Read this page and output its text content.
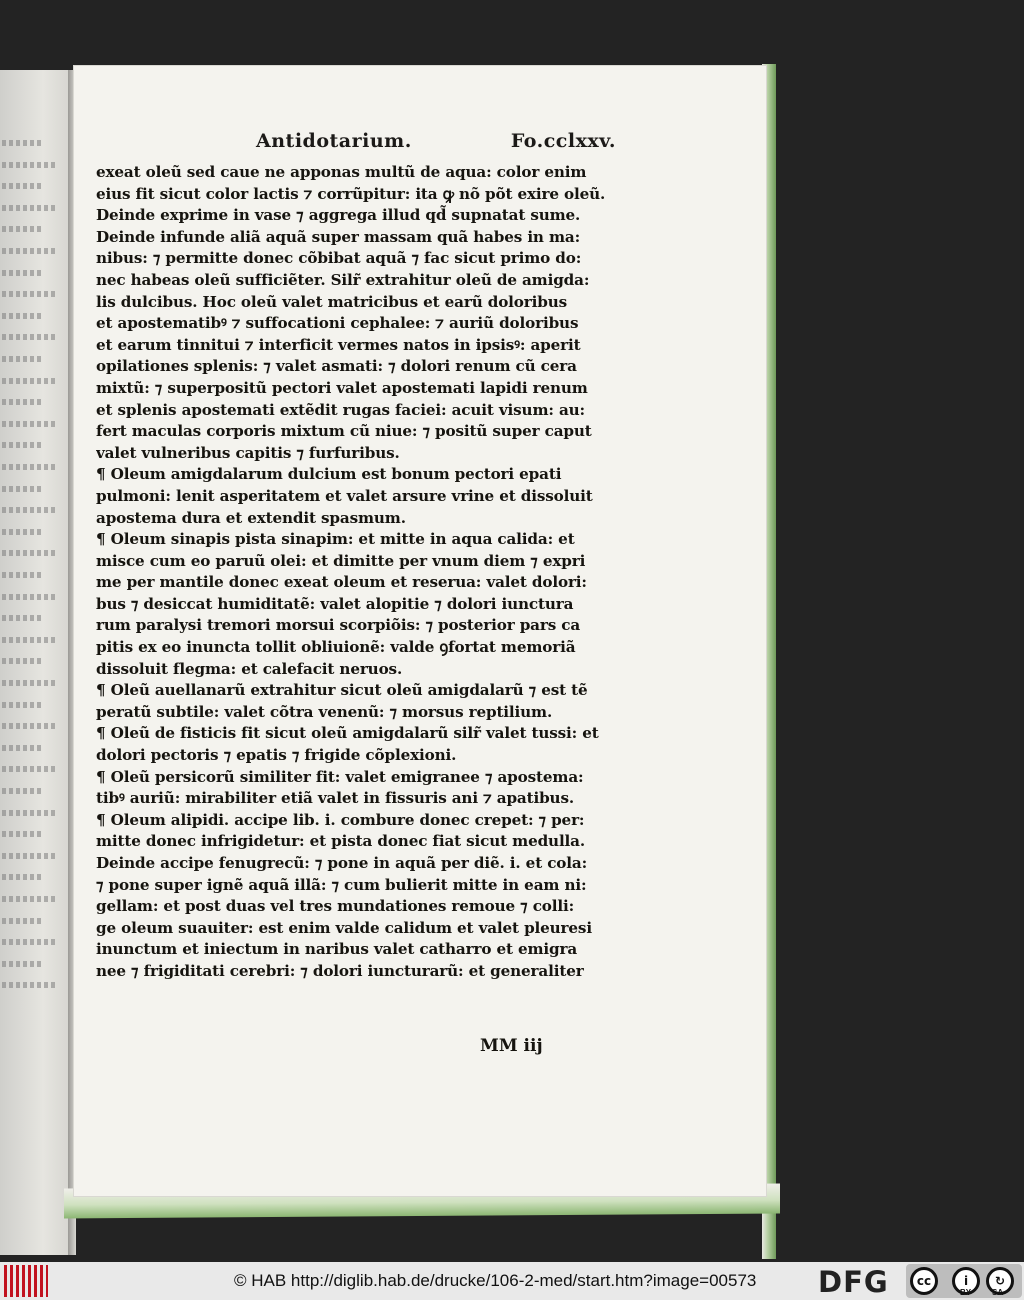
Antidotarium.	Fo.cclxxv.
exeat oleũ sed caue ne apponas multũ de aqua: color enim
eius fit sicut color lactis ⁊ corrũpitur: ita ꝙ nõ põt exire oleũ.
Deinde exprime in vase ⁊ aggrega illud qd̃ supnatat sume.
Deinde infunde aliã aquã super massam quã habes in ma:
nibus: ⁊ permitte donec cõbibat aquã ⁊ fac sicut primo do:
nec habeas oleũ sufficiẽter. Silr̃ extrahitur oleũ de amigda:
lis dulcibus. Hoc oleũ valet matricibus et earũ doloribus
et apostematibꝰ ⁊ suffocationi cephalee: ⁊ auriũ doloribus
et earum tinnitui ⁊ interficit vermes natos in ipsisꝰ: aperit
opilationes splenis: ⁊ valet asmati: ⁊ dolori renum cũ cera
mixtũ: ⁊ superpositũ pectori valet apostemati lapidi renum
et splenis apostemati extẽdit rugas faciei: acuit visum: au:
fert maculas corporis mixtum cũ niue: ⁊ positũ super caput
valet vulneribus capitis ⁊ furfuribus.
¶ Oleum amigdalarum dulcium est bonum pectori epati
pulmoni: lenit asperitatem et valet arsure vrine et dissoluit
apostema dura et extendit spasmum.
¶ Oleum sinapis pista sinapim: et mitte in aqua calida: et
misce cum eo paruũ olei: et dimitte per vnum diem ⁊ expri
me per mantile donec exeat oleum et reserua: valet dolori:
bus ⁊ desiccat humiditatẽ: valet alopitie ⁊ dolori iunctura
rum paralysi tremori morsui scorpiõis: ⁊ posterior pars ca
pitis ex eo inuncta tollit obliuionẽ: valde ꝯfortat memoriã
dissoluit flegma: et calefacit neruos.
¶ Oleũ auellanarũ extrahitur sicut oleũ amigdalarũ ⁊ est tẽ
peratũ subtile: valet cõtra venenũ: ⁊ morsus reptilium.
¶ Oleũ de fisticis fit sicut oleũ amigdalarũ silr̃ valet tussi: et
dolori pectoris ⁊ epatis ⁊ frigide cõplexioni.
¶ Oleũ persicorũ similiter fit: valet emigranee ⁊ apostema:
tibꝰ auriũ: mirabiliter etiã valet in fissuris ani ⁊ apatibus.
¶ Oleum alipidi. accipe lib. i. combure donec crepet: ⁊ per:
mitte donec infrigidetur: et pista donec fiat sicut medulla.
Deinde accipe fenugrecũ: ⁊ pone in aquã per diẽ. i. et cola:
⁊ pone super ignẽ aquã illã: ⁊ cum bulierit mitte in eam ni:
gellam: et post duas vel tres mundationes remoue ⁊ colli:
ge oleum suauiter: est enim valde calidum et valet pleuresi
inunctum et iniectum in naribus valet catharro et emigra
nee ⁊ frigiditati cerebri: ⁊ dolori iuncturarũ: et generaliter
MM iij
© HAB http://diglib.hab.de/drucke/106-2-med/start.htm?image=00573 DFG	cc	i	↻
BY	SA
